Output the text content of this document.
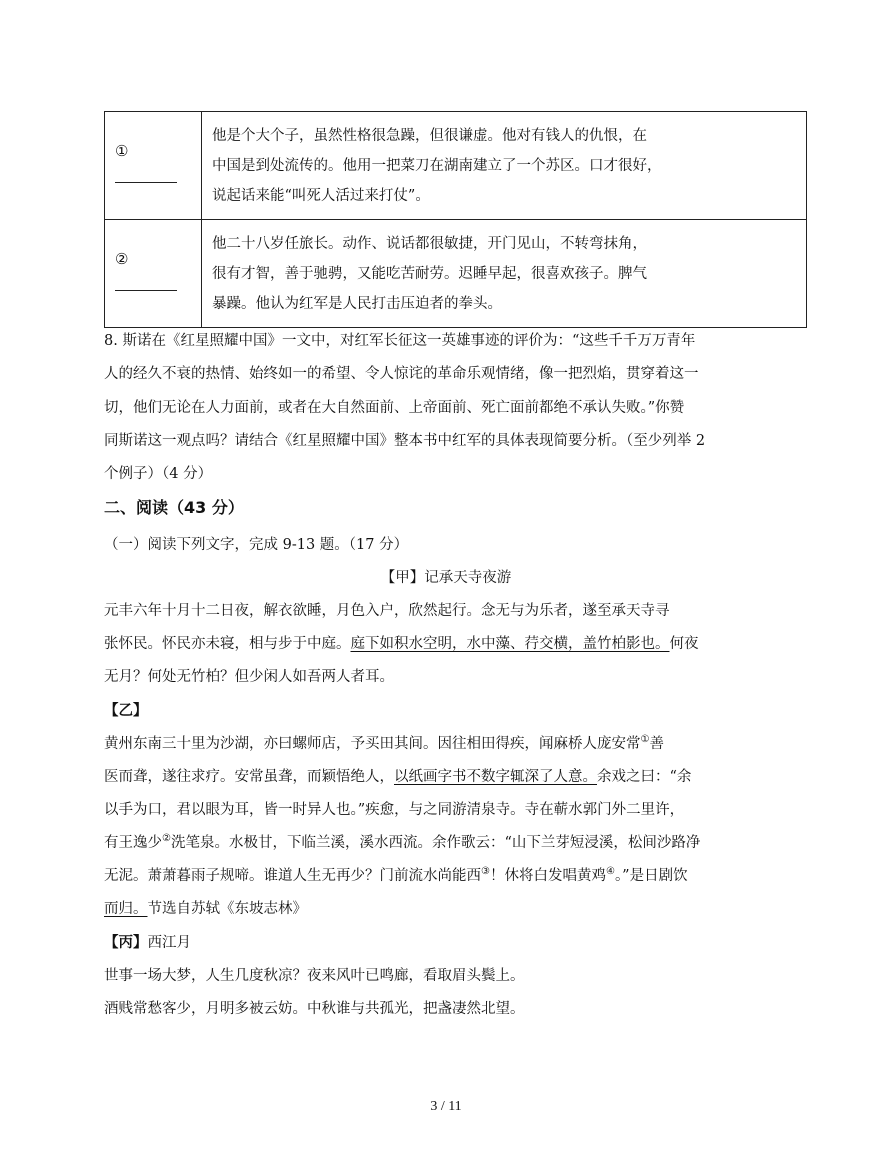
①
他是个大个子，虽然性格很急躁，但很谦虚。他对有钱人的仇恨，在
中国是到处流传的。他用一把菜刀在湖南建立了一个苏区。口才很好，
说起话来能“叫死人活过来打仗”。
②
他二十八岁任旅长。动作、说话都很敏捷，开门见山，不转弯抹角，
很有才智，善于驰骋，又能吃苦耐劳。迟睡早起，很喜欢孩子。脾气
暴躁。他认为红军是人民打击压迫者的拳头。
8. 斯诺在《红星照耀中国》一文中，对红军长征这一英雄事迹的评价为：“这些千千万万青年
人的经久不衰的热情、始终如一的希望、令人惊诧的革命乐观情绪，像一把烈焰，贯穿着这一
切，他们无论在人力面前，或者在大自然面前、上帝面前、死亡面前都绝不承认失败。”你赞
同斯诺这一观点吗？请结合《红星照耀中国》整本书中红军的具体表现简要分析。（至少列举 2
个例子）（4 分）
二、阅读（43 分）
（一）阅读下列文字，完成 9-13 题。（17 分）
【甲】记承天寺夜游
元丰六年十月十二日夜，解衣欲睡，月色入户，欣然起行。念无与为乐者，遂至承天寺寻
张怀民。怀民亦未寝，相与步于中庭。庭下如积水空明，水中藻、荇交横，盖竹柏影也。何夜
无月？何处无竹柏？但少闲人如吾两人者耳。
【乙】
黄州东南三十里为沙湖，亦曰螺师店，予买田其间。因往相田得疾，闻麻桥人庞安常①善
医而聋，遂往求疗。安常虽聋，而颖悟绝人，以纸画字书不数字辄深了人意。余戏之曰：“余
以手为口，君以眼为耳，皆一时异人也。”疾愈，与之同游清泉寺。寺在蕲水郭门外二里许，
有王逸少②洗笔泉。水极甘，下临兰溪，溪水西流。余作歌云：“山下兰芽短浸溪，松间沙路净
无泥。萧萧暮雨子规啼。谁道人生无再少？门前流水尚能西③！休将白发唱黄鸡④。”是日剧饮
而归。节选自苏轼《东坡志林》
【丙】西江月
世事一场大梦，人生几度秋凉？夜来风叶已鸣廊，看取眉头鬓上。
酒贱常愁客少，月明多被云妨。中秋谁与共孤光，把盏凄然北望。
3 / 11
